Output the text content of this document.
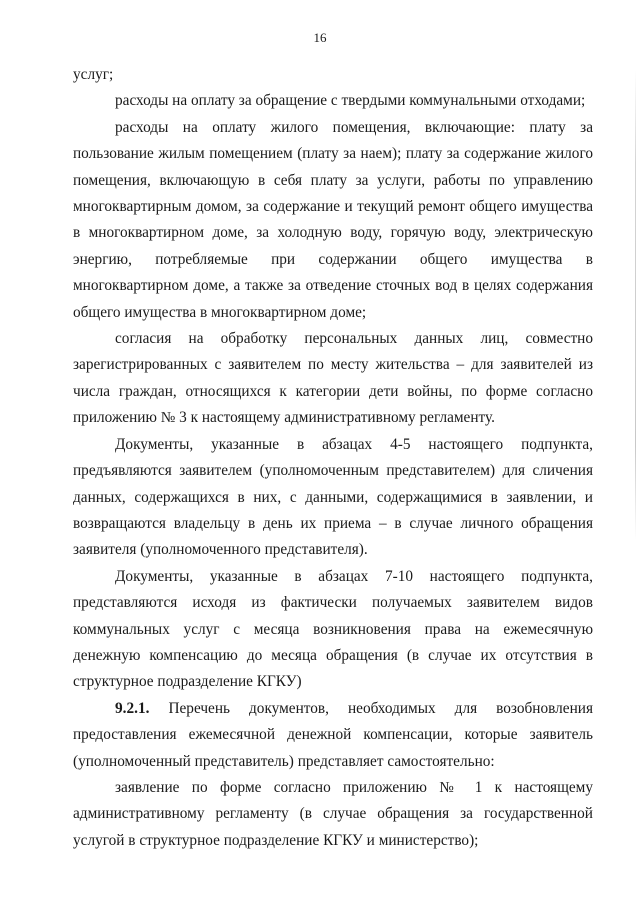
16

услуг;

расходы на оплату за обращение с твердыми коммунальными отходами;

расходы на оплату жилого помещения, включающие: плату за пользование жилым помещением (плату за наем); плату за содержание жилого помещения, включающую в себя плату за услуги, работы по управлению многоквартирным домом, за содержание и текущий ремонт общего имущества в многоквартирном доме, за холодную воду, горячую воду, электрическую энергию, потребляемые при содержании общего имущества в многоквартирном доме, а также за отведение сточных вод в целях содержания общего имущества в многоквартирном доме;

согласия на обработку персональных данных лиц, совместно зарегистрированных с заявителем по месту жительства – для заявителей из числа граждан, относящихся к категории дети войны, по форме согласно приложению № 3 к настоящему административному регламенту.

Документы, указанные в абзацах 4-5 настоящего подпункта, предъявляются заявителем (уполномоченным представителем) для сличения данных, содержащихся в них, с данными, содержащимися в заявлении, и возвращаются владельцу в день их приема – в случае личного обращения заявителя (уполномоченного представителя).

Документы, указанные в абзацах 7-10 настоящего подпункта, представляются исходя из фактически получаемых заявителем видов коммунальных услуг с месяца возникновения права на ежемесячную денежную компенсацию до месяца обращения (в случае их отсутствия в структурное подразделение КГКУ)

9.2.1. Перечень документов, необходимых для возобновления предоставления ежемесячной денежной компенсации, которые заявитель (уполномоченный представитель) представляет самостоятельно:

заявление по форме согласно приложению № 1 к настоящему административному регламенту (в случае обращения за государственной услугой в структурное подразделение КГКУ и министерство);
